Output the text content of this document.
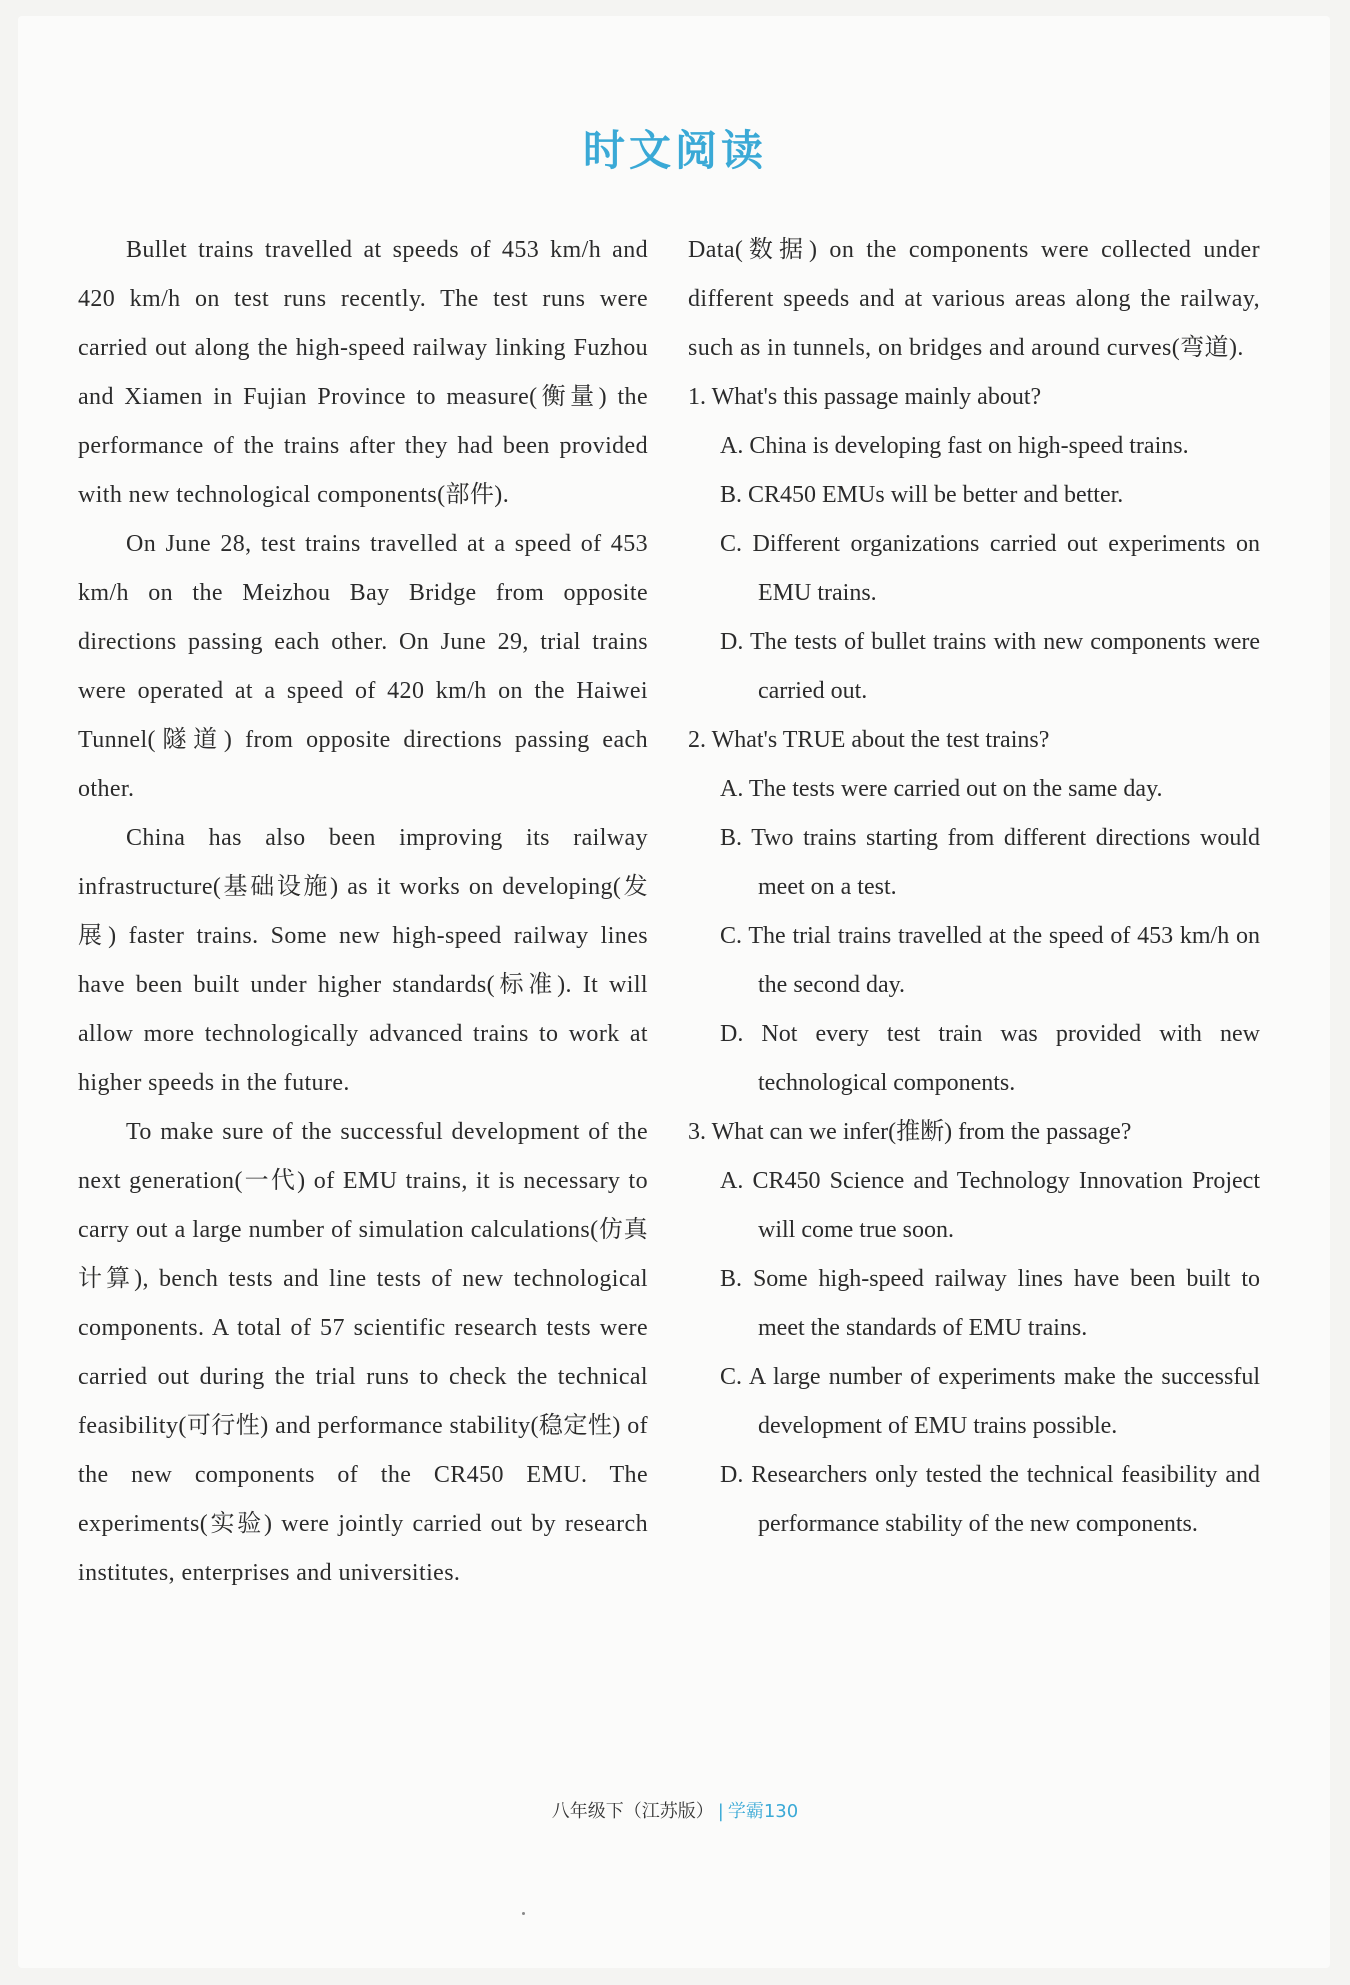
时文阅读

Bullet trains travelled at speeds of 453 km/h and 420 km/h on test runs recently. The test runs were carried out along the high-speed railway linking Fuzhou and Xiamen in Fujian Province to measure(衡量) the performance of the trains after they had been provided with new technological components(部件).

On June 28, test trains travelled at a speed of 453 km/h on the Meizhou Bay Bridge from opposite directions passing each other. On June 29, trial trains were operated at a speed of 420 km/h on the Haiwei Tunnel(隧道) from opposite directions passing each other.

China has also been improving its railway infrastructure(基础设施) as it works on developing(发展) faster trains. Some new high-speed railway lines have been built under higher standards(标准). It will allow more technologically advanced trains to work at higher speeds in the future.

To make sure of the successful development of the next generation(一代) of EMU trains, it is necessary to carry out a large number of simulation calculations(仿真计算), bench tests and line tests of new technological components. A total of 57 scientific research tests were carried out during the trial runs to check the technical feasibility(可行性) and performance stability(稳定性) of the new components of the CR450 EMU. The experiments(实验) were jointly carried out by research institutes, enterprises and universities.

Data(数据) on the components were collected under different speeds and at various areas along the railway, such as in tunnels, on bridges and around curves(弯道).

1. What's this passage mainly about?

A. China is developing fast on high-speed trains.

B. CR450 EMUs will be better and better.

C. Different organizations carried out experiments on EMU trains.

D. The tests of bullet trains with new components were carried out.

2. What's TRUE about the test trains?

A. The tests were carried out on the same day.

B. Two trains starting from different directions would meet on a test.

C. The trial trains travelled at the speed of 453 km/h on the second day.

D. Not every test train was provided with new technological components.

3. What can we infer(推断) from the passage?

A. CR450 Science and Technology Innovation Project will come true soon.

B. Some high-speed railway lines have been built to meet the standards of EMU trains.

C. A large number of experiments make the successful development of EMU trains possible.

D. Researchers only tested the technical feasibility and performance stability of the new components.

八年级下（江苏版） | 学霸130
